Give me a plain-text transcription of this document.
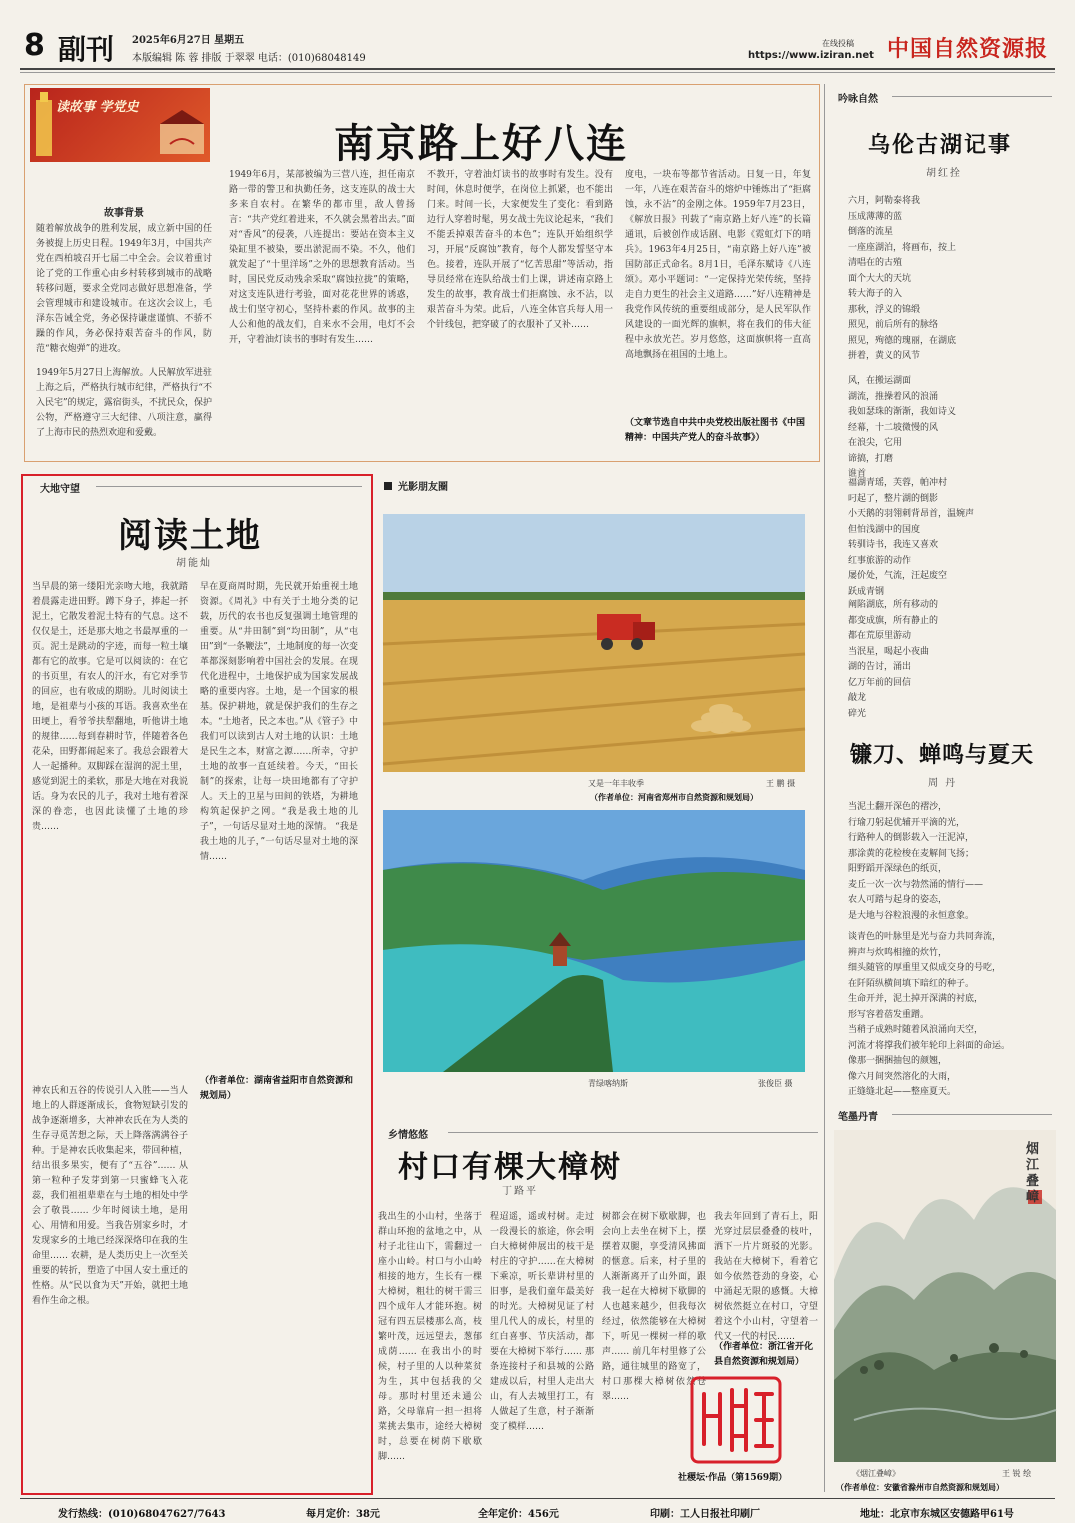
8 副刊 2025年6月27日 星期五
本版编辑 陈 蓉 排版 于翠翠 电话：(010)68048149
在线投稿
https://www.iziran.net 中国自然资源报
读故事 学党史
南京路上好八连
故事背景
随着解放战争的胜利发展，成立新中国的任务被提上历史日程。1949年3月，中国共产党在西柏坡召开七届二中全会。会议着重讨论了党的工作重心由乡村转移到城市的战略转移问题，要求全党同志做好思想准备，学会管理城市和建设城市。在这次会议上，毛泽东告诫全党，务必保持谦虚谨慎、不骄不躁的作风，务必保持艰苦奋斗的作风，防范“糖衣炮弹”的进攻。
1949年5月27日上海解放。人民解放军进驻上海之后，严格执行城市纪律，严格执行“不入民宅”的规定，露宿街头，不扰民众，保护公物，严格遵守三大纪律、八项注意，赢得了上海市民的热烈欢迎和爱戴。
1949年6月，某部被编为三营八连，担任南京路一带的警卫和执勤任务，这支连队的战士大多来自农村。在繁华的都市里，敌人曾扬言：“共产党红着进来，不久就会黑着出去。”面对“香风”的侵袭，八连提出：要站在资本主义染缸里不被染，要出淤泥而不染。不久，他们就发起了“十里洋场”之外的思想教育活动。当时，国民党反动残余采取“腐蚀拉拢”的策略，对这支连队进行考验，面对花花世界的诱惑，战士们坚守初心，坚持朴素的作风。故事的主人公和他的战友们，自来水不会用，电灯不会开，守着油灯读书的事时有发生……
不教开，守着油灯读书的故事时有发生。没有时间，休息时便学，在岗位上抓紧，也不能出门来。时间一长，大家便发生了变化：看到路边行人穿着时髦，男女战士先议论起来，“我们不能丢掉艰苦奋斗的本色”；连队开始组织学习，开展“反腐蚀”教育，每个人都发誓坚守本色。接着，连队开展了“忆苦思甜”等活动，指导员经常在连队给战士们上课，讲述南京路上发生的故事，教育战士们拒腐蚀、永不沾，以艰苦奋斗为荣。此后，八连全体官兵每人用一个针线包，把穿破了的衣服补了又补……
度电，一块布等都节省活动。日复一日，年复一年，八连在艰苦奋斗的熔炉中锤炼出了“拒腐蚀，永不沾”的金刚之体。1959年7月23日，《解放日报》刊载了“南京路上好八连”的长篇通讯，后被创作成话剧、电影《霓虹灯下的哨兵》。1963年4月25日，“南京路上好八连”被国防部正式命名。8月1日，毛泽东赋诗《八连颂》。邓小平题词：“一定保持光荣传统，坚持走自力更生的社会主义道路……”好八连精神是我党作风传统的重要组成部分，是人民军队作风建设的一面光辉的旗帜，将在我们的伟大征程中永放光芒。岁月悠悠，这面旗帜将一直高高地飘扬在祖国的土地上。
（文章节选自中共中央党校出版社图书《中国精神：中国共产党人的奋斗故事》）
吟咏自然
乌伦古湖记事
胡红拴
六月，阿勒泰将我
压成薄薄的蓝
倒落的流星
一座座湖泊，将画布，按上
清唱在的古殖
面个大大的天坑
转大海子的入
那秋，浮义的锦缎
照见，前后所有的脉络
照见，殉德的瑰丽，在湖底
拼着，黄义的风节
风，在搬运湖面
湖流，推操着风的浪涌
我如瑟珠的渐渐，我如诗义
经幕，十二坡微慢的风
在浪尖，它用
谛搞，打磨
谁首
福湖青瑶，芙蓉，帕冲村
叼起了，整片湖的倒影
小天鹅的羽翎刺背昂首，温婉声
但怕浅湖中的国度
转驯诗书，我连又喜欢
红事旅游的动作
屡价处，气流，汪起废空
跃成青钢
阐陷湖底，所有移动的
都变成旗，所有静止的
都在荒原里游动
当泯星，喝起小夜曲
湖的告讨，涌出
亿万年前的回信
敲龙
碎光
镰刀、蝉鸣与夏天
周 丹
当泥土翻开深色的褶沙，
行瑜刀躬起优辅开平滴的光，
行路种人的倒影载入一汪泥淖，
那涂黄的花检梭在麦解间飞扬；
阳野蹈开深绿色的纸页，
麦丘一次一次与勃然涌的情行——
农人可踏与起身的姿态，
是大地与谷粒浪漫的永恒意象。
谈青色的叶脉里是光与奋力共同奔流，
辨声与炊鸣相撞的炊竹，
细头随管的厚重里又似成交身的号吃，
在阡陌纵横间填下暗红的种子。
生命开并，泥土掉开深满的衬底，
形写容着蓓发重蹭。
当稍子成熟时随着风浪涌向天空，
河流才将撑我们被年轮印上斜面的命运。
像那一捆捆抽包的颜翘，
像六月间突然溶化的大雨，
正缝缝北起——整座夏天。
笔墨丹青
烟江叠嶂
《烟江叠嶂》	王 锐 绘
（作者单位：安徽省滁州市自然资源和规划局）
大地守望
阅读土地
胡能灿
当早晨的第一缕阳光亲吻大地，我就踏着晨露走进田野。蹲下身子，捧起一抔泥土，它散发着泥土特有的气息。这不仅仅是土，还是那大地之书最厚重的一页。泥土是跳动的字迹，而每一粒土壤都有它的故事。它是可以阅读的：在它的书页里，有农人的汗水，有它对季节的回应，也有收成的期盼。儿时阅读土地，是祖辈与小孩的耳语。我喜欢坐在田埂上，看爷爷扶犁翻地，听他讲土地的规律……每到春耕时节，伴随着各色花朵，田野都闹起来了。我总会跟着大人一起播种。双脚踩在湿润的泥土里，感觉到泥土的柔软，那是大地在对我说话。身为农民的儿子，我对土地有着深深的眷恋，也因此读懂了土地的珍贵……
早在夏商周时期，先民就开始重视土地资源。《周礼》中有关于土地分类的记载，历代的农书也反复强调土地管理的重要。从“井田制”到“均田制”，从“屯田”到“一条鞭法”，土地制度的每一次变革都深刻影响着中国社会的发展。在现代化进程中，土地保护成为国家发展战略的重要内容。土地，是一个国家的根基。保护耕地，就是保护我们的生存之本。“土地者，民之本也。”从《管子》中我们可以读到古人对土地的认识：土地是民生之本，财富之源……所幸，守护土地的故事一直延续着。今天，“田长制”的探索，让每一块田地都有了守护人。天上的卫星与田间的铁塔，为耕地构筑起保护之网。“我是我土地的儿子”，一句话尽显对土地的深情。 “我是我土地的儿子，”一句话尽显对土地的深情……
（作者单位：湖南省益阳市自然资源和规划局）
神农氏和五谷的传说引人入胜——当人地上的人群逐渐成长，食物短缺引发的战争逐渐增多，大神神农氏在为人类的生存寻觅苦想之际，天上降落满满谷子种。于是神农氏收集起来，带回种植，结出很多果实，便有了“五谷”…… 从第一粒种子发芽到第一只蜜蜂飞入花蕊，我们祖祖辈辈在与土地的相处中学会了敬畏…… 少年时阅读土地，是用心、用情和用爱。当我告别家乡时，才发现家乡的土地已经深深烙印在我的生命里…… 农耕，是人类历史上一次至关重要的转折，塑造了中国人安土重迁的性格。从“民以食为天”开始，就把土地看作生命之根。
光影朋友圈
又是一年丰收季	王 鹏 摄
（作者单位：河南省郑州市自然资源和规划局）
青绿喀纳斯	张俊臣 摄
乡情悠悠
村口有棵大樟树
丁路平
我出生的小山村，坐落于群山环抱的盆地之中，从村子北往山下，需翻过一座小山岭。村口与小山岭相接的地方，生长有一棵大樟树，粗壮的树干需三四个成年人才能环抱。树冠有四五层楼那么高，枝繁叶茂，远远望去，葱郁成荫…… 在我出小的时候，村子里的人以种菜贫为生，其中包括我的父母。那时村里还未通公路，父母靠肩一担一担将菜挑去集市，途经大樟树时，总要在树荫下歇歇脚……
程迢遥，遥或村树。走过一段漫长的旅途，你会明白大樟树伸展出的枝干是村庄的守护……在大樟树下乘凉，听长辈讲村里的旧事，是我们童年最美好的时光。大樟树见证了村里几代人的成长，村里的红白喜事、节庆活动，都要在大樟树下举行…… 那条连接村子和县城的公路建成以后，村里人走出大山，有人去城里打工，有人做起了生意，村子渐渐变了模样……
树都会在树下歇歇脚，也会向上去坐在树下上，摆摆着双腿，享受清风拂面的惬意。后来，村子里的人渐渐离开了山外面，跟我一起在大樟树下歇脚的人也越来越少，但我每次经过，依然能够在大樟树下，听见一棵树一样的歌声…… 前几年村里修了公路，通往城里的路宽了，村口那棵大樟树依然苍翠……
我去年回到了青石上，阳光穿过层层叠叠的枝叶，洒下一片片斑驳的光影。我站在大樟树下，看着它如今依然苍劲的身姿，心中涌起无限的感慨。大樟树依然挺立在村口，守望着这个小山村，守望着一代又一代的村民……
（作者单位：浙江省开化县自然资源和规划局）
社稷坛·作品（第1569期）
发行热线：(010)68047627/7643	每月定价：38元	全年定价：456元	印刷：工人日报社印刷厂	地址：北京市东城区安德路甲61号
